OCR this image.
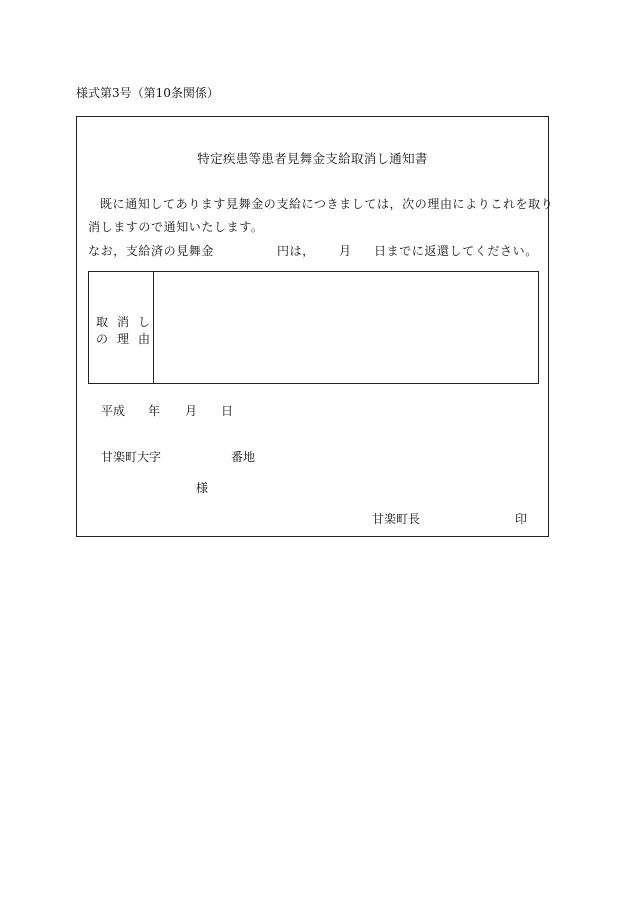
様式第3号（第10条関係）
特定疾患等患者見舞金支給取消し通知書
既に通知してあります見舞金の支給につきましては，次の理由によりこれを取り
消しますので通知いたします。
なお，支給済の見舞金	円は， 月 日までに返還してください。
取消し
の理由
平成 年 月 日
甘楽町大字	番地
様
甘楽町長	印
